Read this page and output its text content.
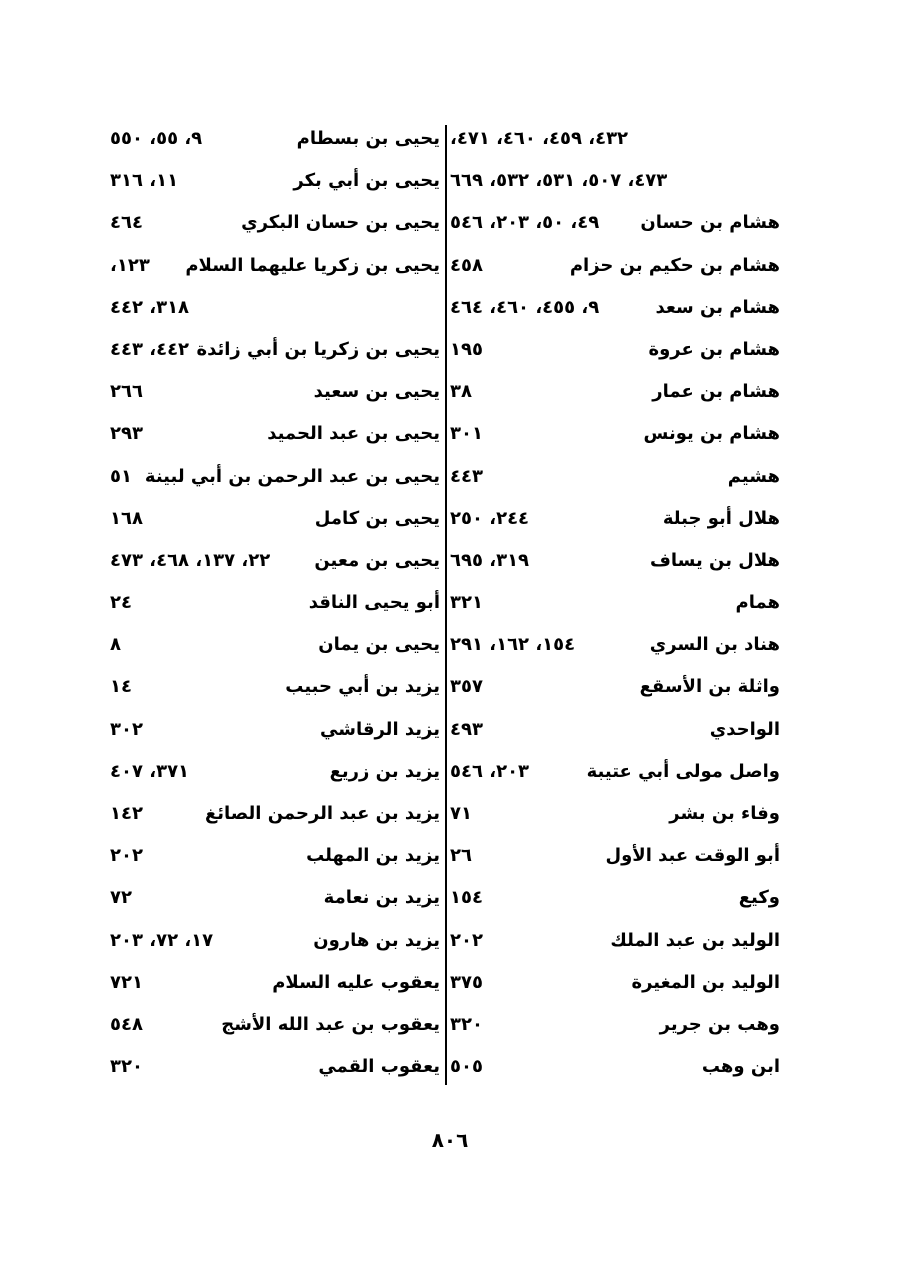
٤٣٢، ٤٥٩، ٤٦٠، ٤٧١،
٤٧٣، ٥٠٧، ٥٣١، ٥٣٢، ٦٦٩
هشام بن حسان
٤٩، ٥٠، ٢٠٣، ٥٤٦
هشام بن حكيم بن حزام
٤٥٨
هشام بن سعد
٩، ٤٥٥، ٤٦٠، ٤٦٤
هشام بن عروة
١٩٥
هشام بن عمار
٣٨
هشام بن يونس
٣٠١
هشيم
٤٤٣
هلال أبو جبلة
٢٤٤، ٢٥٠
هلال بن يساف
٣١٩، ٦٩٥
همام
٣٢١
هناد بن السري
١٥٤، ١٦٢، ٢٩١
واثلة بن الأسقع
٣٥٧
الواحدي
٤٩٣
واصل مولى أبي عتيبة
٢٠٣، ٥٤٦
وفاء بن بشر
٧١
أبو الوقت عبد الأول
٢٦
وكيع
١٥٤
الوليد بن عبد الملك
٢٠٢
الوليد بن المغيرة
٣٧٥
وهب بن جرير
٣٢٠
ابن وهب
٥٠٥
يحيى بن بسطام
٩، ٥٥، ٥٥٠
يحيى بن أبي بكر
١١، ٣١٦
يحيى بن حسان البكري
٤٦٤
يحيى بن زكريا عليهما السلام
١٢٣،
٣١٨، ٤٤٢
يحيى بن زكريا بن أبي زائدة
٤٤٢، ٤٤٣
يحيى بن سعيد
٢٦٦
يحيى بن عبد الحميد
٢٩٣
يحيى بن عبد الرحمن بن أبي لبينة
٥١
يحيى بن كامل
١٦٨
يحيى بن معين
٢٢، ١٣٧، ٤٦٨، ٤٧٣
أبو يحيى الناقد
٢٤
يحيى بن يمان
٨
يزيد بن أبي حبيب
١٤
يزيد الرقاشي
٣٠٢
يزيد بن زريع
٣٧١، ٤٠٧
يزيد بن عبد الرحمن الصائغ
١٤٢
يزيد بن المهلب
٢٠٢
يزيد بن نعامة
٧٢
يزيد بن هارون
١٧، ٧٢، ٢٠٣
يعقوب عليه السلام
٧٢١
يعقوب بن عبد الله الأشج
٥٤٨
يعقوب القمي
٣٢٠
٨٠٦
